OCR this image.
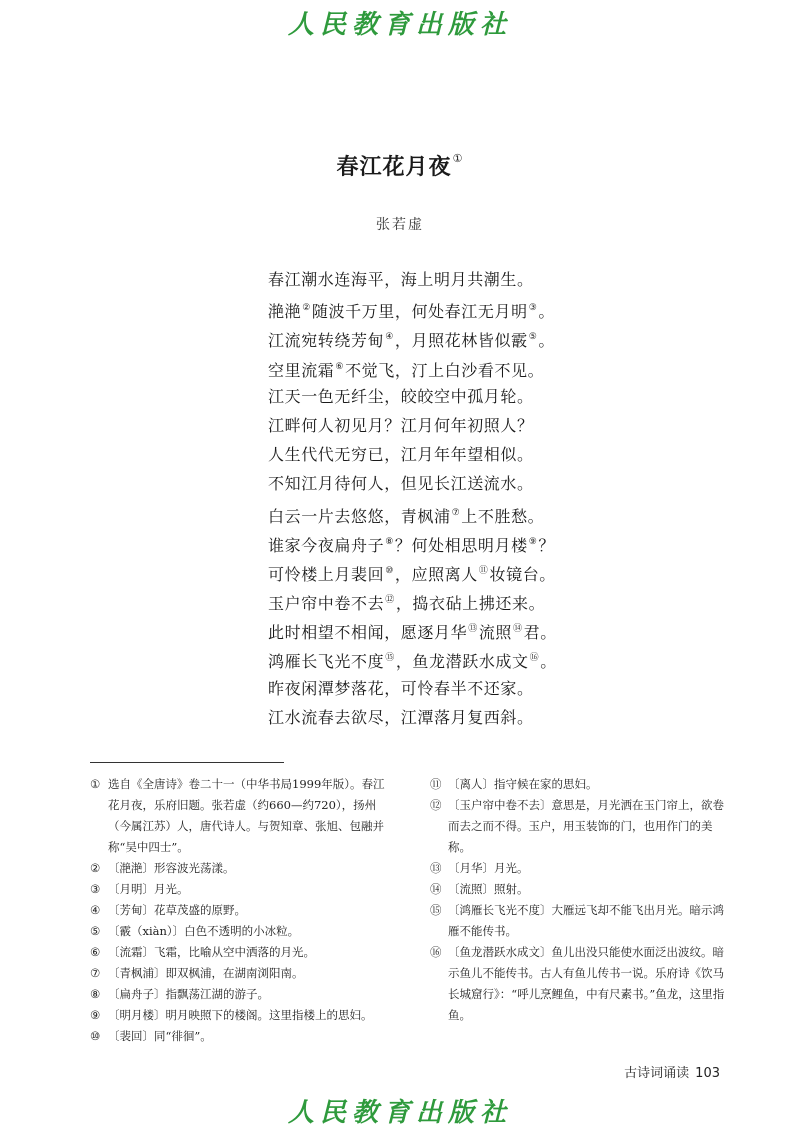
人民教育出版社
春江花月夜①
张若虚
春江潮水连海平，海上明月共潮生。
滟滟②随波千万里，何处春江无月明③。
江流宛转绕芳甸④，月照花林皆似霰⑤。
空里流霜⑥不觉飞，汀上白沙看不见。
江天一色无纤尘，皎皎空中孤月轮。
江畔何人初见月？江月何年初照人？
人生代代无穷已，江月年年望相似。
不知江月待何人，但见长江送流水。
白云一片去悠悠，青枫浦⑦上不胜愁。
谁家今夜扁舟子⑧？何处相思明月楼⑨？
可怜楼上月裴回⑩，应照离人⑪妆镜台。
玉户帘中卷不去⑫，捣衣砧上拂还来。
此时相望不相闻，愿逐月华⑬流照⑭君。
鸿雁长飞光不度⑮，鱼龙潜跃水成文⑯。
昨夜闲潭梦落花，可怜春半不还家。
江水流春去欲尽，江潭落月复西斜。
① 选自《全唐诗》卷二十一（中华书局1999年版）。春江花月夜，乐府旧题。张若虚（约660—约720），扬州（今属江苏）人，唐代诗人。与贺知章、张旭、包融并称“吴中四士”。
② 〔滟滟〕形容波光荡漾。
③ 〔月明〕月光。
④ 〔芳甸〕花草茂盛的原野。
⑤ 〔霰（xiàn）〕白色不透明的小冰粒。
⑥ 〔流霜〕飞霜，比喻从空中洒落的月光。
⑦ 〔青枫浦〕即双枫浦，在湖南浏阳南。
⑧ 〔扁舟子〕指飘荡江湖的游子。
⑨ 〔明月楼〕明月映照下的楼阁。这里指楼上的思妇。
⑩ 〔裴回〕同“徘徊”。
⑪ 〔离人〕指守候在家的思妇。
⑫ 〔玉户帘中卷不去〕意思是，月光洒在玉门帘上，欲卷而去之而不得。玉户，用玉装饰的门，也用作门的美称。
⑬ 〔月华〕月光。
⑭ 〔流照〕照射。
⑮ 〔鸿雁长飞光不度〕大雁远飞却不能飞出月光。暗示鸿雁不能传书。
⑯ 〔鱼龙潜跃水成文〕鱼儿出没只能使水面泛出波纹。暗示鱼儿不能传书。古人有鱼儿传书一说。乐府诗《饮马长城窟行》：“呼儿烹鲤鱼，中有尺素书。”鱼龙，这里指鱼。
古诗词诵读 103
人民教育出版社
